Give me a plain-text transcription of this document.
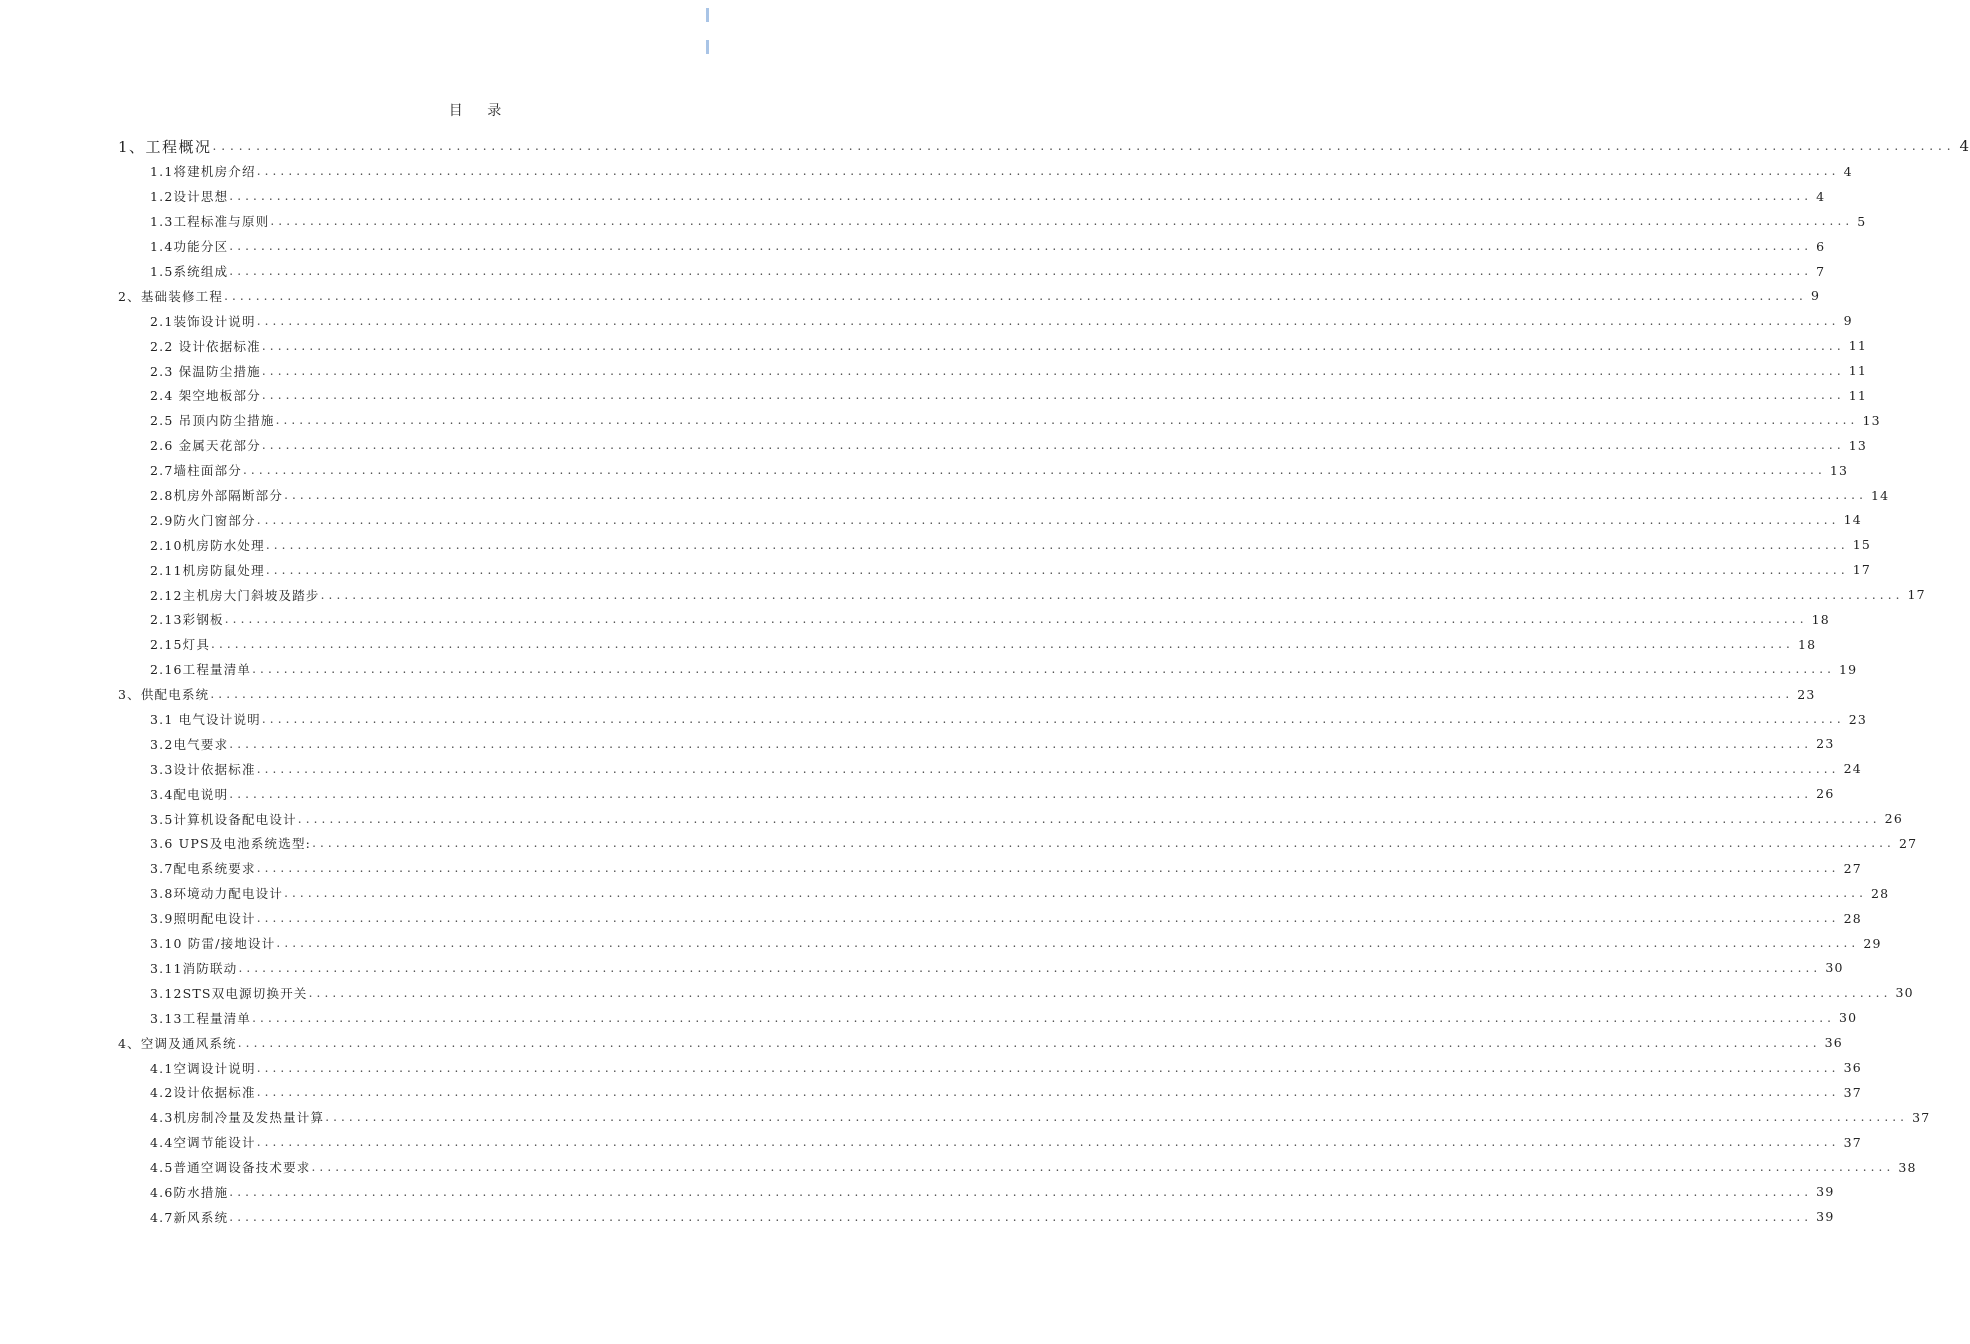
目 录
1、工程概况 ........................................................................................................................................................................................................ 4
1.1将建机房介绍 ........................................................................................................................................................................................................ 4
1.2设计思想 ........................................................................................................................................................................................................ 4
1.3工程标准与原则 ........................................................................................................................................................................................................ 5
1.4功能分区 ........................................................................................................................................................................................................ 6
1.5系统组成 ........................................................................................................................................................................................................ 7
2、基础装修工程 ........................................................................................................................................................................................................ 9
2.1装饰设计说明 ........................................................................................................................................................................................................ 9
2.2 设计依据标准 ........................................................................................................................................................................................................ 11
2.3 保温防尘措施 ........................................................................................................................................................................................................ 11
2.4 架空地板部分 ........................................................................................................................................................................................................ 11
2.5 吊顶内防尘措施 ........................................................................................................................................................................................................ 13
2.6 金属天花部分 ........................................................................................................................................................................................................ 13
2.7墙柱面部分 ........................................................................................................................................................................................................ 13
2.8机房外部隔断部分 ........................................................................................................................................................................................................ 14
2.9防火门窗部分 ........................................................................................................................................................................................................ 14
2.10机房防水处理 ........................................................................................................................................................................................................ 15
2.11机房防鼠处理 ........................................................................................................................................................................................................ 17
2.12主机房大门斜坡及踏步 ........................................................................................................................................................................................................ 17
2.13彩钢板 ........................................................................................................................................................................................................ 18
2.15灯具 ........................................................................................................................................................................................................ 18
2.16工程量清单 ........................................................................................................................................................................................................ 19
3、供配电系统 ........................................................................................................................................................................................................ 23
3.1 电气设计说明 ........................................................................................................................................................................................................ 23
3.2电气要求 ........................................................................................................................................................................................................ 23
3.3设计依据标准 ........................................................................................................................................................................................................ 24
3.4配电说明 ........................................................................................................................................................................................................ 26
3.5计算机设备配电设计 ........................................................................................................................................................................................................ 26
3.6 UPS及电池系统选型: ........................................................................................................................................................................................................ 27
3.7配电系统要求 ........................................................................................................................................................................................................ 27
3.8环境动力配电设计 ........................................................................................................................................................................................................ 28
3.9照明配电设计 ........................................................................................................................................................................................................ 28
3.10 防雷/接地设计 ........................................................................................................................................................................................................ 29
3.11消防联动 ........................................................................................................................................................................................................ 30
3.12STS双电源切换开关 ........................................................................................................................................................................................................ 30
3.13工程量清单 ........................................................................................................................................................................................................ 30
4、空调及通风系统 ........................................................................................................................................................................................................ 36
4.1空调设计说明 ........................................................................................................................................................................................................ 36
4.2设计依据标准 ........................................................................................................................................................................................................ 37
4.3机房制冷量及发热量计算 ........................................................................................................................................................................................................ 37
4.4空调节能设计 ........................................................................................................................................................................................................ 37
4.5普通空调设备技术要求 ........................................................................................................................................................................................................ 38
4.6防水措施 ........................................................................................................................................................................................................ 39
4.7新风系统 ........................................................................................................................................................................................................ 39
